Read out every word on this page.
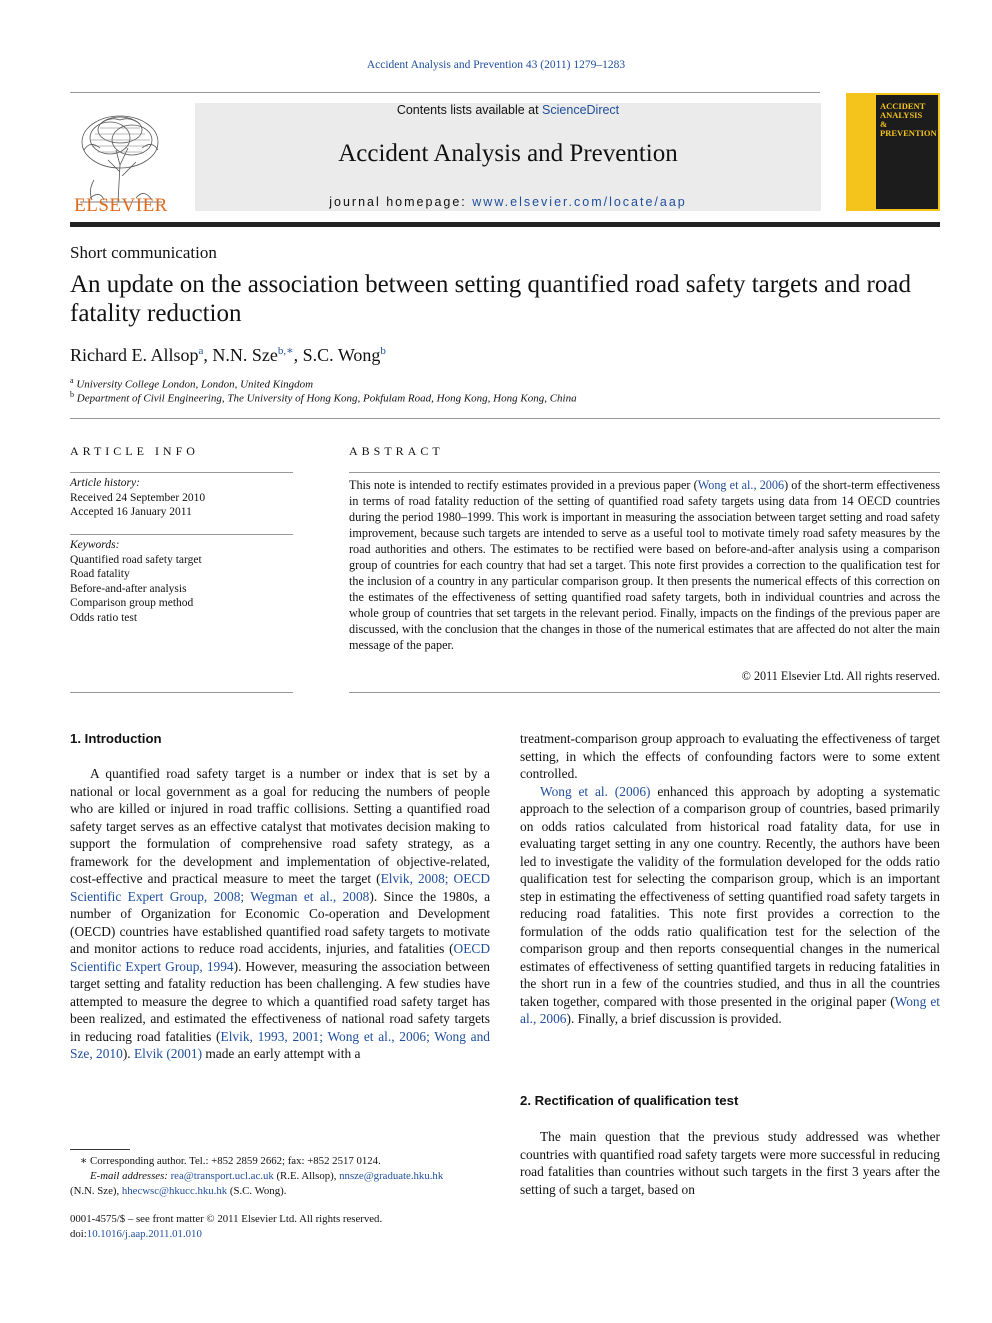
Accident Analysis and Prevention 43 (2011) 1279–1283
ELSEVIER
Contents lists available at ScienceDirect
Accident Analysis and Prevention
journal homepage: www.elsevier.com/locate/aap
ACCIDENT
ANALYSIS
&
PREVENTION
Short communication
An update on the association between setting quantified road safety targets and road fatality reduction
Richard E. Allsop$^a$, N.N. Sze$^{b,∗}$, S.C. Wong$^b$
$^a$ University College London, London, United Kingdom
$^b$ Department of Civil Engineering, The University of Hong Kong, Pokfulam Road, Hong Kong, Hong Kong, China
ARTICLE INFO
Article history:
Received 24 September 2010
Accepted 16 January 2011
Keywords:
Quantified road safety target
Road fatality
Before-and-after analysis
Comparison group method
Odds ratio test
ABSTRACT
This note is intended to rectify estimates provided in a previous paper (Wong et al., 2006) of the short-term effectiveness in terms of road fatality reduction of the setting of quantified road safety targets using data from 14 OECD countries during the period 1980–1999. This work is important in measuring the association between target setting and road safety improvement, because such targets are intended to serve as a useful tool to motivate timely road safety measures by the road authorities and others. The estimates to be rectified were based on before-and-after analysis using a comparison group of countries for each country that had set a target. This note first provides a correction to the qualification test for the inclusion of a country in any particular comparison group. It then presents the numerical effects of this correction on the estimates of the effectiveness of setting quantified road safety targets, both in individual countries and across the whole group of countries that set targets in the relevant period. Finally, impacts on the findings of the previous paper are discussed, with the conclusion that the changes in those of the numerical estimates that are affected do not alter the main message of the paper.
© 2011 Elsevier Ltd. All rights reserved.
1. Introduction

A quantified road safety target is a number or index that is set by a national or local government as a goal for reducing the numbers of people who are killed or injured in road traffic collisions. Setting a quantified road safety target serves as an effective catalyst that motivates decision making to support the formulation of comprehensive road safety strategy, as a framework for the development and implementation of objective-related, cost-effective and practical measure to meet the target (Elvik, 2008; OECD Scientific Expert Group, 2008; Wegman et al., 2008). Since the 1980s, a number of Organization for Economic Co-operation and Development (OECD) countries have established quantified road safety targets to motivate and monitor actions to reduce road accidents, injuries, and fatalities (OECD Scientific Expert Group, 1994). However, measuring the association between target setting and fatality reduction has been challenging. A few studies have attempted to measure the degree to which a quantified road safety target has been realized, and estimated the effectiveness of national road safety targets in reducing road fatalities (Elvik, 1993, 2001; Wong et al., 2006; Wong and Sze, 2010). Elvik (2001) made an early attempt with a

treatment-comparison group approach to evaluating the effectiveness of target setting, in which the effects of confounding factors were to some extent controlled.

Wong et al. (2006) enhanced this approach by adopting a systematic approach to the selection of a comparison group of countries, based primarily on odds ratios calculated from historical road fatality data, for use in evaluating target setting in any one country. Recently, the authors have been led to investigate the validity of the formulation developed for the odds ratio qualification test for selecting the comparison group, which is an important step in estimating the effectiveness of setting quantified road safety targets in reducing road fatalities. This note first provides a correction to the formulation of the odds ratio qualification test for the selection of the comparison group and then reports consequential changes in the numerical estimates of effectiveness of setting quantified targets in reducing fatalities in the short run in a few of the countries studied, and thus in all the countries taken together, compared with those presented in the original paper (Wong et al., 2006). Finally, a brief discussion is provided.

2. Rectification of qualification test

The main question that the previous study addressed was whether countries with quantified road safety targets were more successful in reducing road fatalities than countries without such targets in the first 3 years after the setting of such a target, based on

∗ Corresponding author. Tel.: +852 2859 2662; fax: +852 2517 0124.
E-mail addresses: rea@transport.ucl.ac.uk (R.E. Allsop), nnsze@graduate.hku.hk
(N.N. Sze), hhecwsc@hkucc.hku.hk (S.C. Wong).
0001-4575/$ – see front matter © 2011 Elsevier Ltd. All rights reserved.
doi:10.1016/j.aap.2011.01.010
